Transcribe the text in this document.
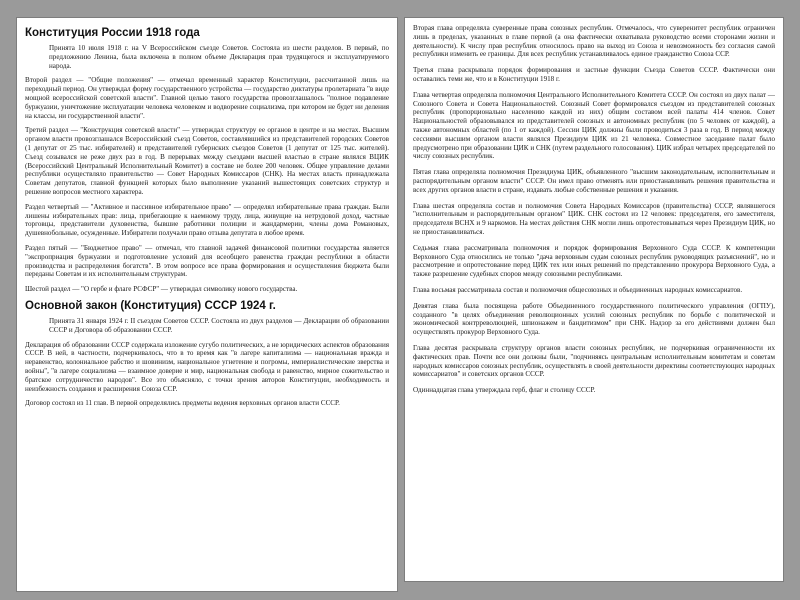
Конституция России 1918 года
Принята 10 июля 1918 г. на V Всероссийском съезде Советов. Состояла из шести разделов. В первый, по предложению Ленина, была включена в полном объеме Декларация прав трудящегося и эксплуатируемого народа.
Второй раздел — "Общие положения" — отмечал временный характер Конституции, рассчитанной лишь на переходный период. Он утверждал форму государственного устройства — государство диктатуры пролетариата "в виде мощной всероссийской советской власти". Главной целью такого государства провозглашалось "полное подавление буржуазии, уничтожение эксплуатации человека человеком и водворение социализма, при котором не будет ни деления на классы, ни государственной власти".
Третий раздел — "Конструкция советской власти" — утверждал структуру ее органов в центре и на местах. Высшим органом власти провозглашался Всероссийский съезд Советов, составлявшийся из представителей городских Советов (1 депутат от 25 тыс. избирателей) и представителей губернских съездов Советов (1 депутат от 125 тыс. жителей). Съезд созывался не реже двух раз в год. В перерывах между съездами высшей властью в стране являлся ВЦИК (Всероссийский Центральный Исполнительный Комитет) в составе не более 200 человек. Общее управление делами республики осуществляло правительство — Совет Народных Комиссаров (СНК). На местах власть принадлежала Советам депутатов, главной функцией которых было выполнение указаний вышестоящих советских структур и решение вопросов местного характера.
Раздел четвертый — "Активное и пассивное избирательное право" — определял избирательные права граждан. Были лишены избирательных прав: лица, прибегающие к наемному труду, лица, живущие на нетрудовой доход, частные торговцы, представители духовенства, бывшие работники полиции и жандармерии, члены дома Романовых, душевнобольные, осужденные. Избиратели получали право отзыва депутата в любое время.
Раздел пятый — "Бюджетное право" — отмечал, что главной задачей финансовой политики государства является "экспроприация буржуазии и подготовление условий для всеобщего равенства граждан республики в области производства и распределения богатств". В этом вопросе все права формирования и осуществления бюджета были переданы Советам и их исполнительным структурам.
Шестой раздел — "О гербе и флаге РСФСР" — утверждал символику нового государства.
Основной закон (Конституция) СССР 1924 г.
Принята 31 января 1924 г. II съездом Советов СССР. Состояла из двух разделов — Декларации об образовании СССР и Договора об образовании СССР.
Декларация об образовании СССР содержала изложение сугубо политических, а не юридических аспектов образования СССР. В ней, в частности, подчеркивалось, что в то время как "в лагере капитализма — национальная вражда и неравенство, колониальное рабство и шовинизм, национальное угнетение и погромы, империалистические зверства и войны", "в лагере социализма — взаимное доверие и мир, национальная свобода и равенство, мирное сожительство и братское сотрудничество народов". Все это объясняло, с точки зрения авторов Конституции, необходимость и неизбежность создания и расширения Союза ССР.
Договор состоял из 11 глав. В первой определялись предметы ведения верховных органов власти СССР.
Вторая глава определяла суверенные права союзных республик. Отмечалось, что суверенитет республик ограничен лишь в пределах, указанных в главе первой (а она фактически охватывала руководство всеми сторонами жизни и деятельности). К числу прав республик относилось право на выход из Союза и невозможность без согласия самой республики изменить ее границы. Для всех республик устанавливалось единое гражданство Союза ССР.
Третья глава раскрывала порядок формирования и застные функции Съезда Советов СССР. Фактически они оставались теми же, что и в Конституции 1918 г.
Глава четвертая определяла полномочия Центрального Исполнительного Комитета СССР. Он состоял из двух палат — Союзного Совета и Совета Национальностей. Союзный Совет формировался съездом из представителей союзных республик (пропорционально населению каждой из них) общим составом всей палаты 414 членов. Совет Национальностей образовывался из представителей союзных и автономных республик (по 5 человек от каждой), а также автономных областей (по 1 от каждой). Сессии ЦИК должны были проводиться 3 раза в год. В период между сессиями высшим органом власти являлся Президиум ЦИК из 21 человека. Совместное заседание палат было предусмотрено при образовании ЦИК и СНК (путем раздельного голосования). ЦИК избрал четырех председателей по числу союзных республик.
Пятая глава определяла полномочия Президиума ЦИК, объявленного "высшим законодательным, исполнительным и распорядительным органом власти" СССР. Он имел право отменять или приостанавливать решения правительства и всех других органов власти в стране, издавать любые собственные решения и указания.
Глава шестая определяла состав и полномочия Совета Народных Комиссаров (правительства) СССР, являвшегося "исполнительным и распорядительным органом" ЦИК. СНК состоял из 12 человек: председателя, его заместителя, председателя ВСНХ и 9 наркомов. На местах действия СНК могли лишь опротестовываться через Президиум ЦИК, но не приостанавливаться.
Седьмая глава рассматривала полномочия и порядок формирования Верховного Суда СССР. К компетенции Верховного Суда относились не только "дача верховным судам союзных республик руководящих разъяснений", но и рассмотрение и опротестование перед ЦИК тех или иных решений по представлению прокурора Верховного Суда, а также разрешение судебных споров между союзными республиками.
Глава восьмая рассматривала состав и полномочия общесоюзных и объединенных народных комиссариатов.
Девятая глава была посвящена работе Объединенного государственного политического управления (ОГПУ), созданного "в целях объединения революционных усилий союзных республик по борьбе с политической и экономической контрреволюцией, шпионажем и бандитизмом" при СНК. Надзор за его действиями должен был осуществлять прокурор Верховного Суда.
Глава десятая раскрывала структуру органов власти союзных республик, не подчеркивая ограниченности их фактических прав. Почти все они должны были, "подчиняясь центральным исполнительным комитетам и советам народных комиссаров союзных республик, осуществлять в своей деятельности директивы соответствующих народных комиссариатов" и советских органов СССР.
Одиннадцатая глава утверждала герб, флаг и столицу СССР.
